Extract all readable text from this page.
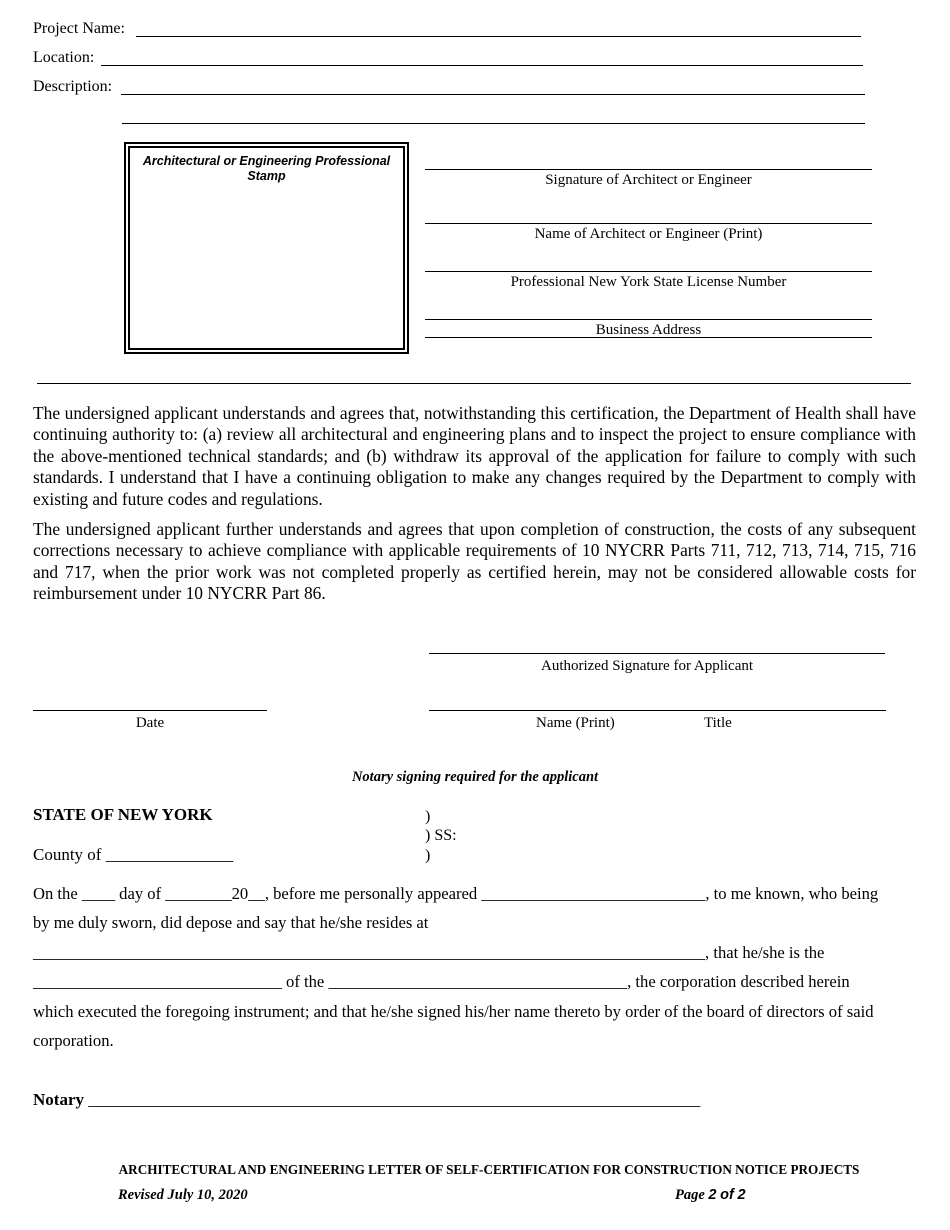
Project Name:
Location:
Description:
Architectural or Engineering Professional Stamp	Signature of Architect or Engineer
Name of Architect or Engineer (Print)
Professional New York State License Number
Business Address
The undersigned applicant understands and agrees that, notwithstanding this certification, the Department of Health shall have continuing authority to: (a) review all architectural and engineering plans and to inspect the project to ensure compliance with the above-mentioned technical standards; and (b) withdraw its approval of the application for failure to comply with such standards. I understand that I have a continuing obligation to make any changes required by the Department to comply with existing and future codes and regulations.
The undersigned applicant further understands and agrees that upon completion of construction, the costs of any subsequent corrections necessary to achieve compliance with applicable requirements of 10 NYCRR Parts 711, 712, 713, 714, 715, 716 and 717, when the prior work was not completed properly as certified herein, may not be considered allowable costs for reimbursement under 10 NYCRR Part 86.
Authorized Signature for Applicant
Date	Name (Print)	Title
Notary signing required for the applicant
STATE OF NEW YORK	)
) SS:
)
County of _______________
On the ____ day of ________20__, before me personally appeared ___________________________, to me known, who being
by me duly sworn, did depose and say that he/she resides at
_________________________________________________________________________________, that he/she is the
______________________________ of the ____________________________________, the corporation described herein
which executed the foregoing instrument; and that he/she signed his/her name thereto by order of the board of directors of said
corporation.
Notary ________________________________________________________________________
ARCHITECTURAL AND ENGINEERING LETTER OF SELF-CERTIFICATION FOR CONSTRUCTION NOTICE PROJECTS
Revised July 10, 2020	Page 2 of 2
